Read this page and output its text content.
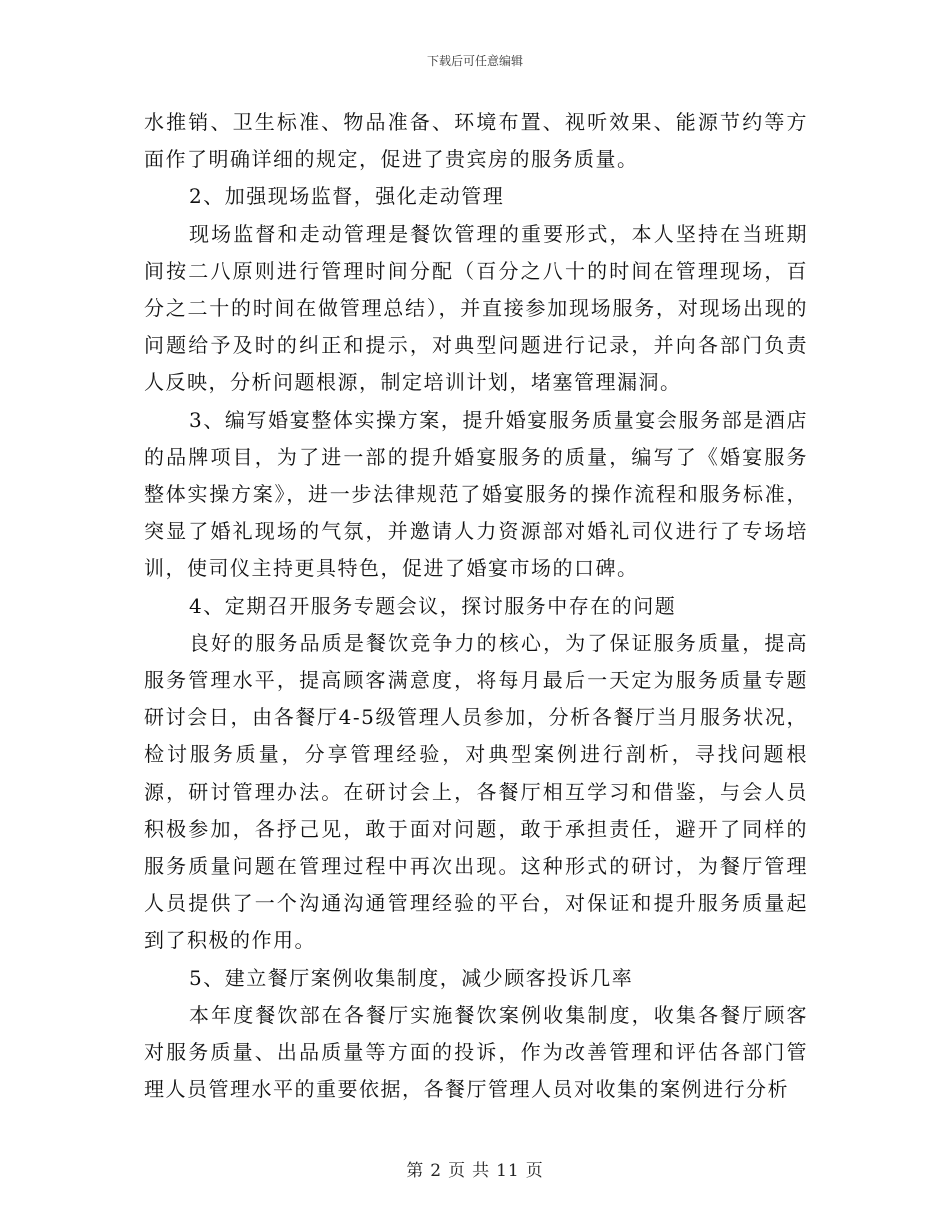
下载后可任意编辑

水推销、卫生标准、物品准备、环境布置、视听效果、能源节约等方面作了明确详细的规定，促进了贵宾房的服务质量。

2、加强现场监督，强化走动管理

现场监督和走动管理是餐饮管理的重要形式，本人坚持在当班期间按二八原则进行管理时间分配（百分之八十的时间在管理现场，百分之二十的时间在做管理总结），并直接参加现场服务，对现场出现的问题给予及时的纠正和提示，对典型问题进行记录，并向各部门负责人反映，分析问题根源，制定培训计划，堵塞管理漏洞。

3、编写婚宴整体实操方案，提升婚宴服务质量宴会服务部是酒店的品牌项目，为了进一部的提升婚宴服务的质量，编写了《婚宴服务整体实操方案》，进一步法律规范了婚宴服务的操作流程和服务标准，突显了婚礼现场的气氛，并邀请人力资源部对婚礼司仪进行了专场培训，使司仪主持更具特色，促进了婚宴市场的口碑。

4、定期召开服务专题会议，探讨服务中存在的问题

良好的服务品质是餐饮竞争力的核心，为了保证服务质量，提高服务管理水平，提高顾客满意度，将每月最后一天定为服务质量专题研讨会日，由各餐厅4-5级管理人员参加，分析各餐厅当月服务状况，检讨服务质量，分享管理经验，对典型案例进行剖析，寻找问题根源，研讨管理办法。在研讨会上，各餐厅相互学习和借鉴，与会人员积极参加，各抒己见，敢于面对问题，敢于承担责任，避开了同样的服务质量问题在管理过程中再次出现。这种形式的研讨，为餐厅管理人员提供了一个沟通沟通管理经验的平台，对保证和提升服务质量起到了积极的作用。

5、建立餐厅案例收集制度，减少顾客投诉几率

本年度餐饮部在各餐厅实施餐饮案例收集制度，收集各餐厅顾客对服务质量、出品质量等方面的投诉，作为改善管理和评估各部门管理人员管理水平的重要依据，各餐厅管理人员对收集的案例进行分析

第 2 页 共 11 页
